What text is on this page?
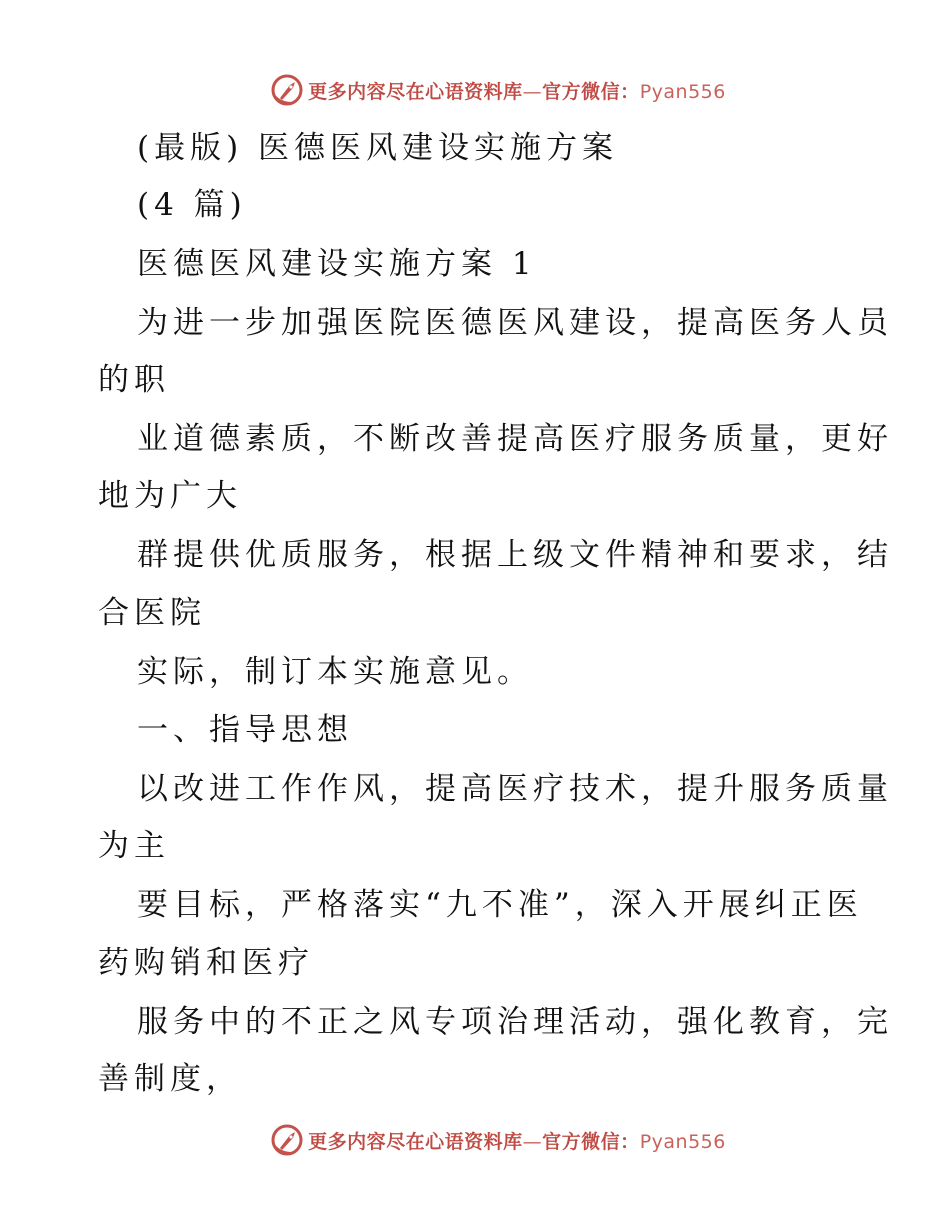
更多内容尽在心语资料库—官方微信：Pyan556
(最版) 医德医风建设实施方案
(4 篇)
医德医风建设实施方案 1
为进一步加强医院医德医风建设，提高医务人员
的职
业道德素质，不断改善提高医疗服务质量，更好
地为广大
群提供优质服务，根据上级文件精神和要求，结
合医院
实际，制订本实施意见。
一、指导思想
以改进工作作风，提高医疗技术，提升服务质量
为主
要目标，严格落实“九不准”，深入开展纠正医
药购销和医疗
服务中的不正之风专项治理活动，强化教育，完
善制度，
更多内容尽在心语资料库—官方微信：Pyan556
